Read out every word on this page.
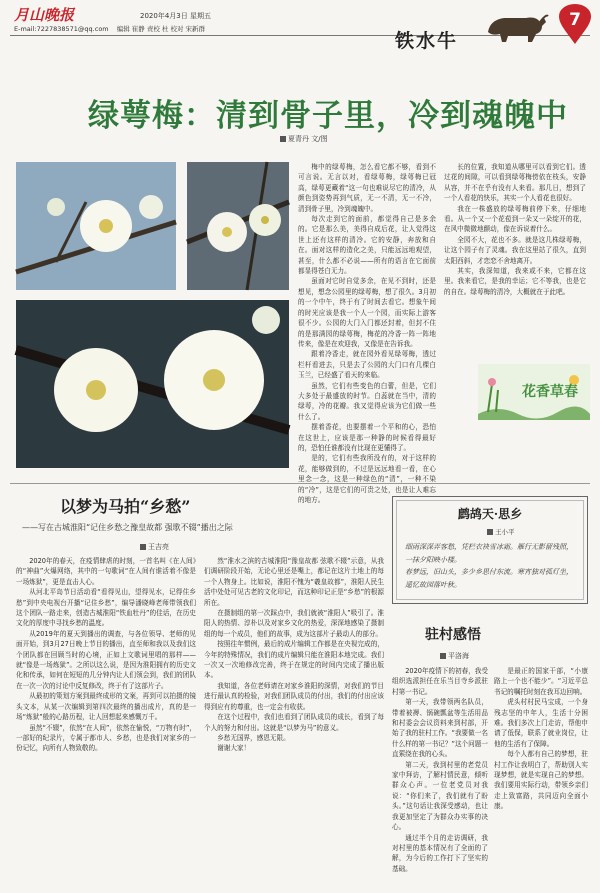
月山晚报	2020年4月3日 星期五
E-mail:7227838571@qq.com 编辑 崔静 责校 杜 校对 宋新群
铁水牛
7
绿萼梅：清到骨子里，冷到魂魄中
夏青丹 文/图

梅中的绿萼梅，怎么看它都不够，看到不可言说。无言以对，看绿萼梅，绿萼梅已冠高，绿萼更藏着“这一句也难说尽它的清冷，从颜色到姿势再到气质，无一不清，无一不冷，清到骨子里，冷到魂魄中。

每次走到它的面前，都觉得自己是多余的。它是那么美，美得自成后花，让人觉得这世上还有这样的清冷。它的安静，奔放和自在。面对这样的造化之美，只能远远地观望，甚至，什么都不必说——所有的语言在它面前都显得苍白无力。

虽面对它时自觉多余，在见不到时，还是想见，想念公园里的绿萼梅，想了很久。3月初的一个中午，终于有了时间去看它。想象午间的时光应该是我一个人一个园，而实际上游客很不少。公园的大门入门都还封着，但封不住的是那满园的绿萼梅，梅花的冷香一阵一阵地传来，像是在欢迎我，又像是在告诉我。

跟着冷香走，就在园外看见绿萼梅，透过栏杆看进去，只是去了公园的大门口有几棵白玉兰，已经盛了看天的来临。

虽然，它们有些变色的白蕾，但是，它们大多处于最盛放的时节。白蕊就在当中，清的绿萼，冷的花瓣。我又觉得应该为它们做一些什么了。

摆着香花，也要摆着一个平和的心，恐怕在这世上，应该是那一种静的时候看得最好的，恐怕任谁都没有比现在更懂得了。

是的，它们有些我所没有的，对于这样的花，能够做到的，不过是远远地看一看，在心里念一念，这是一种绿色的“清”，一种不染的“冷”，这是它们的可贵之处，也是让人难忘的地方。

长的位置，我知道从哪里可以看到它们。透过花的间隙，可以看到绿萼梅傍依在枝头，安静从容，并不在乎有没有人来看。那几日，想到了一个人看花的快乐，其实一个人看花也很好。

我在一株盛放的绿萼梅前停下来，仔细地看。从一个又一个花苞到一朵又一朵绽开的花，在风中微微地颤动，像在诉说着什么。

全园不大，花也不多。就是这几株绿萼梅，让这个园子有了灵魂。我在这里站了很久，直到太阳西斜，才恋恋不舍地离开。

其实，我深知道，我来或不来，它都在这里。我来看它，是我的幸运；它不等我，也是它的自在。绿萼梅的清冷，大概就在于此吧。

花香草春
以梦为马拍“乡愁”
——写在古城淮阳“记住乡愁之豫皇故都 强歌不辍”播出之际
王吉亮

2020年的春天，在疫情肆虐的时刻，一首名叫《在人间》的“神曲”火爆网络，其中的一句歌词“在人间有谁活着不像是一场炼狱”，更是直击人心。

从河北平岛节日活动看“看得见山，望得见水，记得住乡愁”到中央电视台开播“记住乡愁”，编导潘晓峰老师带领我们这个团队一路走来，创造古城淮阳“铁血牡丹”的佳话，在历史文化的厚度中寻找乡愁的温度。

从2019年的夏天到播出的调查，与各位领导、老师的见面开始，到3月27日晚上节目的播出，直至师和我以及我们这个团队都在回顾当时的心境，正如上文歌词里唱的那样——就“像是一场炼狱”。之所以这么说，是因为淮阳拥有的历史文化和传承，如何在短短的几分钟内让人们领会到，我们的团队在一次一次的讨论中反复修改，终于有了这部片子。

从最初的策划方案到最终成形的文案，再到可以拍摄的镜头文本，从某一次编辑到第四次最终的播出成片，真的是一场“炼狱”般的心路历程，让人回想起来感慨万千。

虽然“不辍”，依然“在人间”，依然在愉悦，“万物有时”，一部好的纪录片，专属于都市人、乡愁，也是我们对家乡的一份记忆，向所有人物致敬的。

然“淮水之滨的古城淮阳“豫皇故都 弦歌不辍”示意，从我们调研阶段开始，无论心里还是嘴上，都记在这片土地上的每一个人物身上。比如说，淮阳不愧为“羲皇故都”，淮阳人民生活中处处可见古老的文化印记，而这种印记正是“乡愁”的根源所在。

在摄制组的第一次踩点中，我们就被“淮阳人”吸引了。淮阳人的热情、淳朴以及对家乡文化的热爱，深深地感染了摄制组的每一个成员，他们的故事，成为这部片子最动人的部分。

按照往年惯例，最后的成片编辑工作都是在央视完成的，今年的特殊情况，我们的成片编辑只能在淮阳本地完成。我们一次又一次地修改完善，终于在规定的时间内完成了播出版本。

我知道，各位老师请在对家乡淮阳的深情，对我们的节目进行最认真的检验，对我们团队成员的付出，我们的付出应该得到应有的尊重，也一定会有收获。

在这个过程中，我们也看到了团队成员的成长，看到了每个人的努力和付出。这就是“以梦为马”的意义。

乡愁无国界，感恩无限。

谢谢大家！

鹧鸪天·思乡
王小平
细雨深深弄客愁，凭栏衣袂雪冰霜。雁行无影留残照，一抹夕阳映小楼。
春梦远，旧山头，多少乡思付东流。寒宵独对孤灯坐，遥忆故园落叶秋。
驻村感悟
平洛海

2020年疫情下的初春，我受组织选派担任在乐当目寺乡派驻村第一书记。

第一天，我带领两名队员，带着被褥、锅碗瓢盆等生活用品和村委会会议资料来到村部，开始了我的驻村工作。“我要做一名什么样的第一书记？”这个问题一直萦绕在我的心头。

第二天，我到村里的老党员家中拜访，了解村情民意，倾听群众心声。一位老党员对我说：“你们来了，我们就有了盼头。”这句话让我深受感动，也让我更加坚定了为群众办实事的决心。

通过半个月的走访调研，我对村里的基本情况有了全面的了解，为今后的工作打下了坚实的基础。

是最正的国家干部，“小康路上一个也不能少”。“习近平总书记的嘱托时刻在我耳边回响。

虎头村村民马宝成，一个身残志坚的中年人，生活十分困难。我们多次上门走访，帮他申请了低保，联系了就业岗位，让他的生活有了保障。

每个人都有自己的梦想，驻村工作让我明白了，帮助别人实现梦想，就是实现自己的梦想。我们要用实际行动，带领乡亲们走上致富路，共同迈向全面小康。
